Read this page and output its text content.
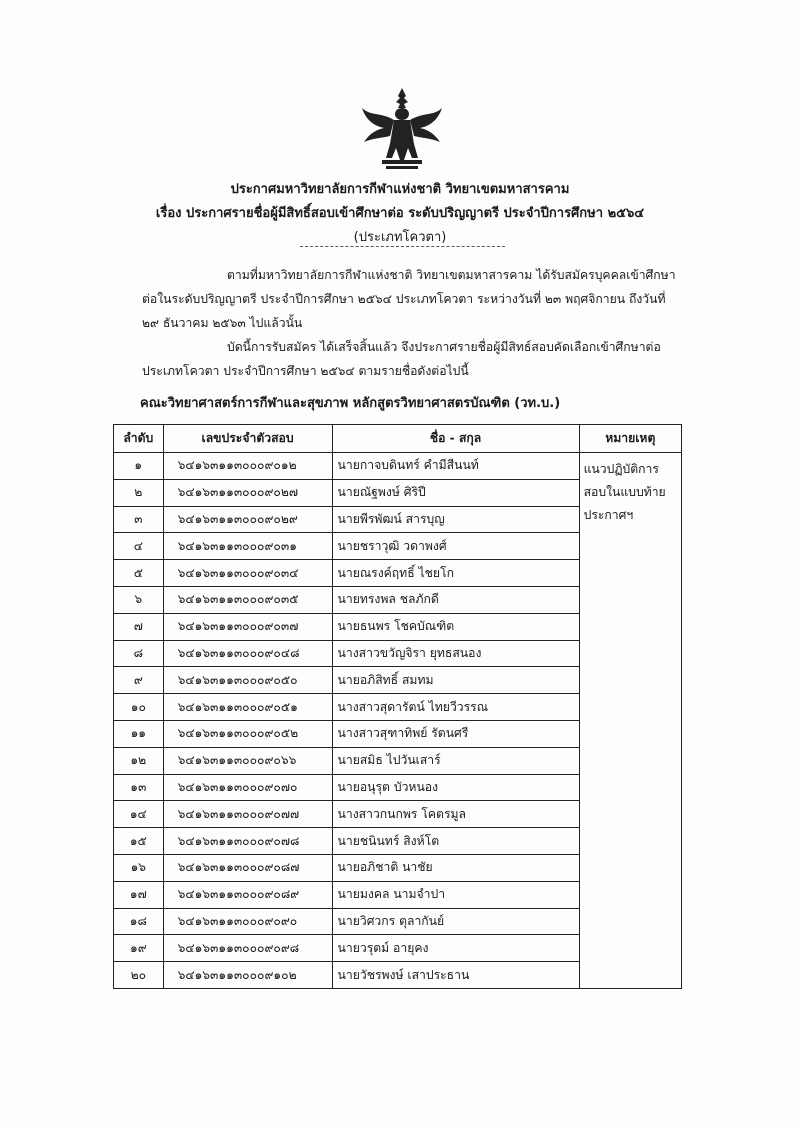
ประกาศมหาวิทยาลัยการกีฬาแห่งชาติ วิทยาเขตมหาสารคาม
เรื่อง ประกาศรายชื่อผู้มีสิทธิ์สอบเข้าศึกษาต่อ ระดับปริญญาตรี ประจำปีการศึกษา ๒๕๖๔
(ประเภทโควตา)
ตามที่มหาวิทยาลัยการกีฬาแห่งชาติ วิทยาเขตมหาสารคาม ได้รับสมัครบุคคลเข้าศึกษา
ต่อในระดับปริญญาตรี ประจำปีการศึกษา ๒๕๖๔ ประเภทโควตา ระหว่างวันที่ ๒๓ พฤศจิกายน ถึงวันที่
๒๙ ธันวาคม ๒๕๖๓ ไปแล้วนั้น
บัดนี้การรับสมัคร ได้เสร็จสิ้นแล้ว จึงประกาศรายชื่อผู้มีสิทธ์สอบคัดเลือกเข้าศึกษาต่อ
ประเภทโควตา ประจำปีการศึกษา ๒๕๖๔ ตามรายชื่อดังต่อไปนี้
คณะวิทยาศาสตร์การกีฬาและสุขภาพ หลักสูตรวิทยาศาสตรบัณฑิต (วท.บ.)
ลำดับ	เลขประจำตัวสอบ	ชื่อ - สกุล	หมายเหตุ
๑	๖๔๑๖๓๑๑๓๐๐๐๙๐๑๒	นายกาจบดินทร์ คำมีสีนนท์	แนวปฏิบัติการสอบในแบบท้ายประกาศฯ
๒	๖๔๑๖๓๑๑๓๐๐๐๙๐๒๗	นายณัฐพงษ์ ศิริปี	
๓	๖๔๑๖๓๑๑๓๐๐๐๙๐๒๙	นายพีรพัฒน์ สารบุญ	
๔	๖๔๑๖๓๑๑๓๐๐๐๙๐๓๑	นายชราวุฒิ วดาพงศ์	
๕	๖๔๑๖๓๑๑๓๐๐๐๙๐๓๔	นายณรงค์ฤทธิ์ ไชยโก	
๖	๖๔๑๖๓๑๑๓๐๐๐๙๐๓๕	นายทรงพล ชลภักดี	
๗	๖๔๑๖๓๑๑๓๐๐๐๙๐๓๗	นายธนพร โชคบัณฑิต	
๘	๖๔๑๖๓๑๑๓๐๐๐๙๐๔๘	นางสาวขวัญจิรา ยุทธสนอง	
๙	๖๔๑๖๓๑๑๓๐๐๐๙๐๕๐	นายอภิสิทธิ์ สมทม	
๑๐	๖๔๑๖๓๑๑๓๐๐๐๙๐๕๑	นางสาวสุดารัตน์ ไทยวีวรรณ	
๑๑	๖๔๑๖๓๑๑๓๐๐๐๙๐๕๒	นางสาวสุฑาทิพย์ รัตนศรี	
๑๒	๖๔๑๖๓๑๑๓๐๐๐๙๐๖๖	นายสมิธ ไปวันเสาร์	
๑๓	๖๔๑๖๓๑๑๓๐๐๐๙๐๗๐	นายอนุรุต บัวหนอง	
๑๔	๖๔๑๖๓๑๑๓๐๐๐๙๐๗๗	นางสาวกนกพร โคตรมูล	
๑๕	๖๔๑๖๓๑๑๓๐๐๐๙๐๗๘	นายชนินทร์ สิงห์โต	
๑๖	๖๔๑๖๓๑๑๓๐๐๐๙๐๘๗	นายอภิชาติ นาชัย	
๑๗	๖๔๑๖๓๑๑๓๐๐๐๙๐๘๙	นายมงคล นามจำปา	
๑๘	๖๔๑๖๓๑๑๓๐๐๐๙๐๙๐	นายวิศวกร ตุลากันย์	
๑๙	๖๔๑๖๓๑๑๓๐๐๐๙๐๙๘	นายวรุตม์ อายุคง	
๒๐	๖๔๑๖๓๑๑๓๐๐๐๙๑๐๒	นายวัชรพงษ์ เสาประธาน	
